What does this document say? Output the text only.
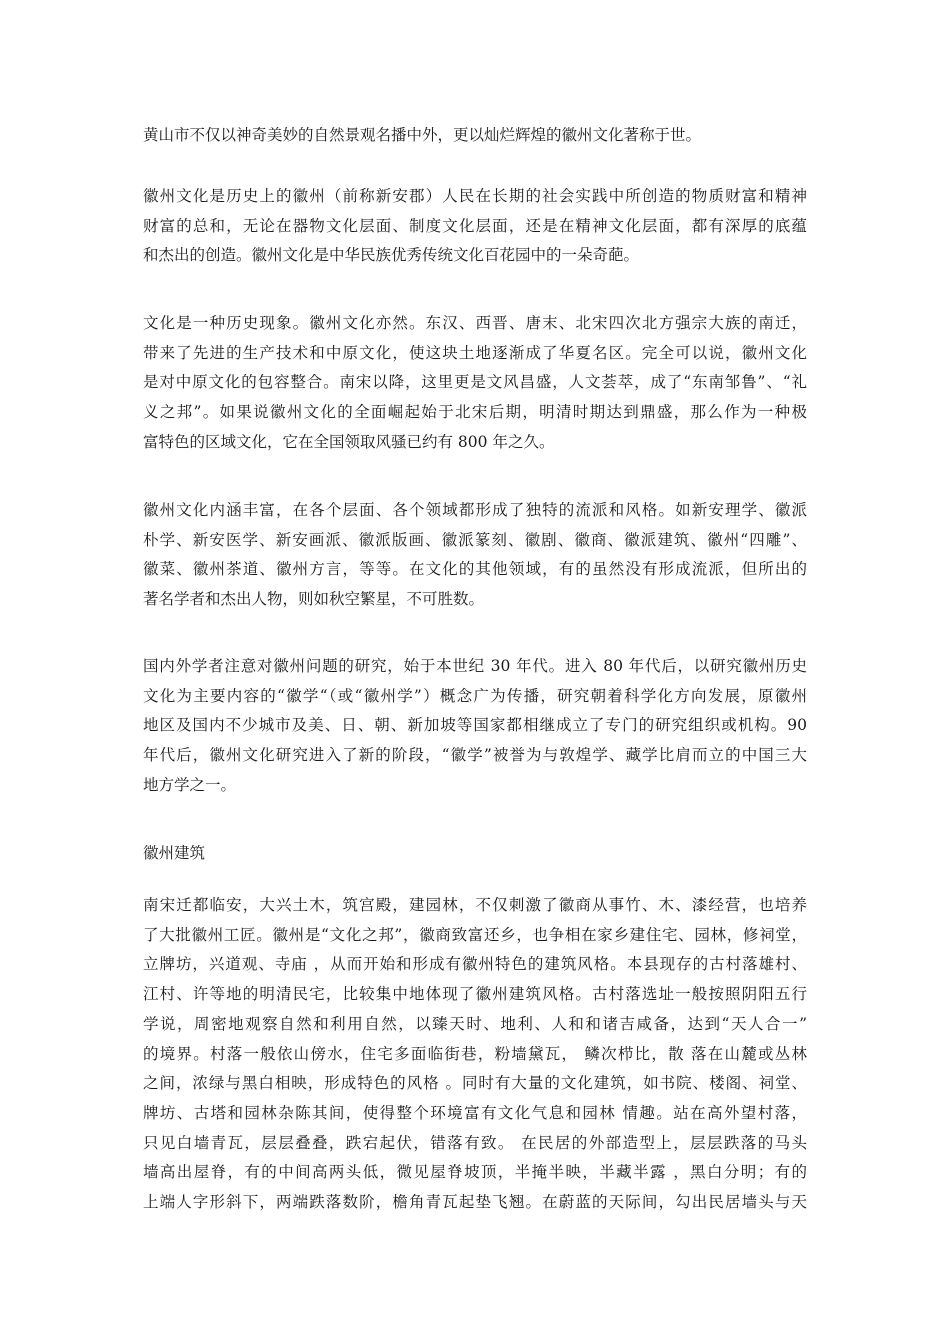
黄山市不仅以神奇美妙的自然景观名播中外，更以灿烂辉煌的徽州文化著称于世。
徽州文化是历史上的徽州（前称新安郡）人民在长期的社会实践中所创造的物质财富和精神
财富的总和，无论在器物文化层面、制度文化层面，还是在精神文化层面，都有深厚的底蕴
和杰出的创造。徽州文化是中华民族优秀传统文化百花园中的一朵奇葩。
文化是一种历史现象。徽州文化亦然。东汉、西晋、唐末、北宋四次北方强宗大族的南迁，
带来了先进的生产技术和中原文化，使这块土地逐渐成了华夏名区。完全可以说，徽州文化
是对中原文化的包容整合。南宋以降，这里更是文风昌盛，人文荟萃，成了“东南邹鲁”、“礼
义之邦”。如果说徽州文化的全面崛起始于北宋后期，明清时期达到鼎盛，那么作为一种极
富特色的区域文化，它在全国领取风骚已约有 800 年之久。
徽州文化内涵丰富，在各个层面、各个领域都形成了独特的流派和风格。如新安理学、徽派
朴学、新安医学、新安画派、徽派版画、徽派篆刻、徽剧、徽商、徽派建筑、徽州“四雕”、
徽菜、徽州茶道、徽州方言，等等。在文化的其他领域，有的虽然没有形成流派，但所出的
著名学者和杰出人物，则如秋空繁星，不可胜数。
国内外学者注意对徽州问题的研究，始于本世纪 30 年代。进入 80 年代后，以研究徽州历史
文化为主要内容的“徽学“（或“徽州学”）概念广为传播，研究朝着科学化方向发展，原徽州
地区及国内不少城市及美、日、朝、新加坡等国家都相继成立了专门的研究组织或机构。90
年代后，徽州文化研究进入了新的阶段，“徽学”被誉为与敦煌学、藏学比肩而立的中国三大
地方学之一。
徽州建筑
南宋迁都临安，大兴土木，筑宫殿，建园林，不仅刺激了徽商从事竹、木、漆经营，也培养
了大批徽州工匠。徽州是“文化之邦”，徽商致富还乡，也争相在家乡建住宅、园林，修祠堂，
立牌坊，兴道观、寺庙 ，从而开始和形成有徽州特色的建筑风格。本县现存的古村落雄村、
江村、许等地的明清民宅，比较集中地体现了徽州建筑风格。古村落选址一般按照阴阳五行
学说，周密地观察自然和利用自然，以臻天时、地利、人和和诸吉咸备，达到“天人合一”
的境界。村落一般依山傍水，住宅多面临街巷，粉墙黛瓦， 鳞次栉比，散 落在山麓或丛林
之间，浓绿与黑白相映，形成特色的风格 。同时有大量的文化建筑，如书院、楼阁、祠堂、
牌坊、古塔和园林杂陈其间，使得整个环境富有文化气息和园林 情趣。站在高外望村落，
只见白墙青瓦，层层叠叠，跌宕起伏，错落有致。 在民居的外部造型上，层层跌落的马头
墙高出屋脊，有的中间高两头低，微见屋脊坡顶，半掩半映，半藏半露 ，黑白分明；有的
上端人字形斜下，两端跌落数阶，檐角青瓦起垫飞翘。在蔚蓝的天际间，勾出民居墙头与天
